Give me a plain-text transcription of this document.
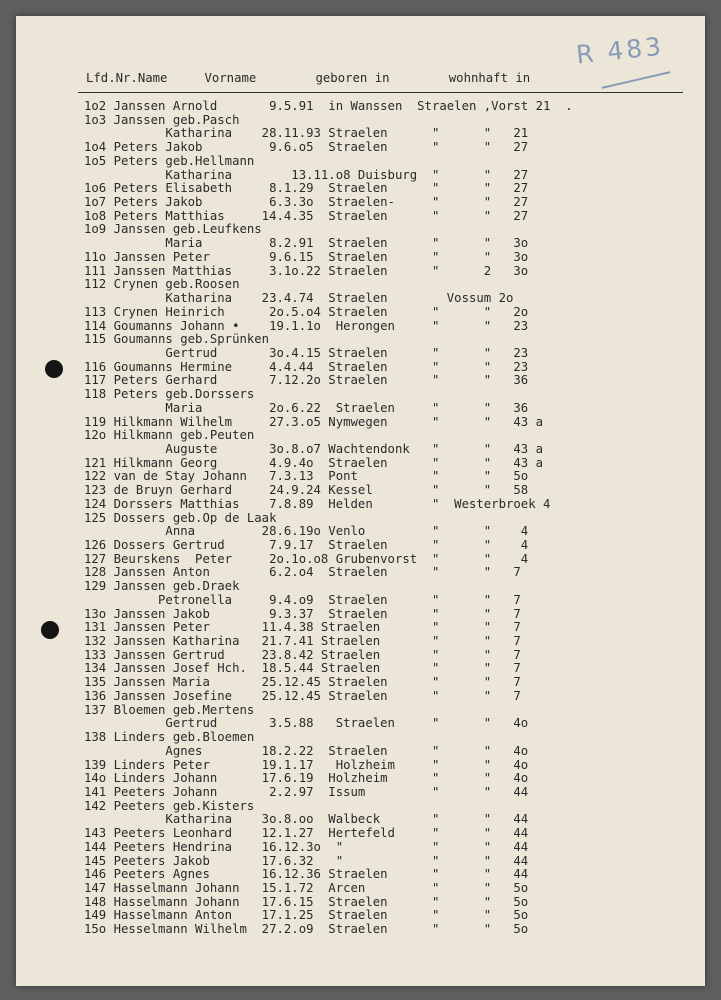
R 483
Lfd.Nr.Name     Vorname        geboren in        wohnhaft in
1o2 Janssen Arnold       9.5.91  in Wanssen  Straelen ,Vorst 21  .
1o3 Janssen geb.Pasch
Katharina    28.11.93 Straelen      "      "   21
1o4 Peters Jakob         9.6.o5  Straelen      "      "   27
1o5 Peters geb.Hellmann
Katharina        13.11.o8 Duisburg  "      "   27
1o6 Peters Elisabeth     8.1.29  Straelen      "      "   27
1o7 Peters Jakob         6.3.3o  Straelen-     "      "   27
1o8 Peters Matthias     14.4.35  Straelen      "      "   27
1o9 Janssen geb.Leufkens
Maria         8.2.91  Straelen      "      "   3o
11o Janssen Peter        9.6.15  Straelen      "      "   3o
111 Janssen Matthias     3.1o.22 Straelen      "      2   3o
112 Crynen geb.Roosen
Katharina    23.4.74  Straelen        Vossum 2o
113 Crynen Heinrich      2o.5.o4 Straelen      "      "   2o
114 Goumanns Johann •    19.1.1o  Herongen     "      "   23
115 Goumanns geb.Sprünken
Gertrud       3o.4.15 Straelen      "      "   23
116 Goumanns Hermine     4.4.44  Straelen      "      "   23
117 Peters Gerhard       7.12.2o Straelen      "      "   36
118 Peters geb.Dorssers
Maria         2o.6.22  Straelen     "      "   36
119 Hilkmann Wilhelm     27.3.o5 Nymwegen      "      "   43 a
12o Hilkmann geb.Peuten
Auguste       3o.8.o7 Wachtendonk   "      "   43 a
121 Hilkmann Georg       4.9.4o  Straelen      "      "   43 a
122 van de Stay Johann   7.3.13  Pont          "      "   5o
123 de Bruyn Gerhard     24.9.24 Kessel        "      "   58
124 Dorssers Matthias    7.8.89  Helden        "  Westerbroek 4
125 Dossers geb.Op de Laak
Anna         28.6.19o Venlo         "      "    4
126 Dossers Gertrud      7.9.17  Straelen      "      "    4
127 Beurskens  Peter     2o.1o.o8 Grubenvorst  "      "    4
128 Janssen Anton        6.2.o4  Straelen      "      "   7
129 Janssen geb.Draek
Petronella     9.4.o9  Straelen      "      "   7
13o Janssen Jakob        9.3.37  Straelen      "      "   7
131 Janssen Peter       11.4.38 Straelen       "      "   7
132 Janssen Katharina   21.7.41 Straelen       "      "   7
133 Janssen Gertrud     23.8.42 Straelen       "      "   7
134 Janssen Josef Hch.  18.5.44 Straelen       "      "   7
135 Janssen Maria       25.12.45 Straelen      "      "   7
136 Janssen Josefine    25.12.45 Straelen      "      "   7
137 Bloemen geb.Mertens
Gertrud       3.5.88   Straelen     "      "   4o
138 Linders geb.Bloemen
Agnes        18.2.22  Straelen      "      "   4o
139 Linders Peter       19.1.17   Holzheim     "      "   4o
14o Linders Johann      17.6.19  Holzheim      "      "   4o
141 Peeters Johann       2.2.97  Issum         "      "   44
142 Peeters geb.Kisters
Katharina    3o.8.oo  Walbeck       "      "   44
143 Peeters Leonhard    12.1.27  Hertefeld     "      "   44
144 Peeters Hendrina    16.12.3o  "            "      "   44
145 Peeters Jakob       17.6.32   "            "      "   44
146 Peeters Agnes       16.12.36 Straelen      "      "   44
147 Hasselmann Johann   15.1.72  Arcen         "      "   5o
148 Hasselmann Johann   17.6.15  Straelen      "      "   5o
149 Hasselmann Anton    17.1.25  Straelen      "      "   5o
15o Hesselmann Wilhelm  27.2.o9  Straelen      "      "   5o
